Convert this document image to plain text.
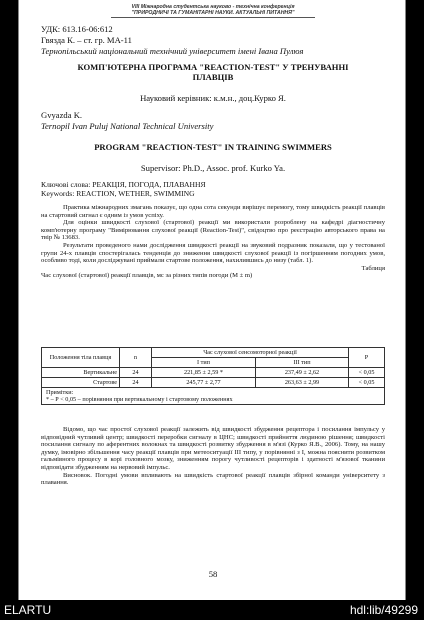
VIII Міжнародна студентська науково - технічна конференція
"ПРИРОДНИЧІ ТА ГУМАНІТАРНІ НАУКИ. АКТУАЛЬНІ ПИТАННЯ"
УДК: 613.16-06:612
Гвязда К. – ст. гр. МА-11
Тернопільський національний технічний університет імені Івана Пулюя
КОМП'ЮТЕРНА ПРОГРАМА "REACTION-TEST" У ТРЕНУВАННІ
ПЛАВЦІВ
Науковий керівник: к.м.н., доц.Курко Я.
Gvyazda K.
Ternopil Ivan Puluj National Technical University
PROGRAM "REACTION-TEST" IN TRAINING SWIMMERS
Supervisor: Ph.D., Assoc. prof. Kurko Ya.
Ключові слова: РЕАКЦІЯ, ПОГОДА, ПЛАВАННЯ
Keywords: REACTION, WETHER, SWIMMING

Практика міжнародних змагань показує, що одна сота секунди вирішує перемогу, тому швидкість реакції плавців на стартовий сигнал є одним із умов успіху.

Для оцінки швидкості слухової (стартової) реакції ми використали розроблену на кафедрі діагностичну комп'ютерну програму "Вимірювання слухової реакції (Reaction-Test)", свідоцтво про реєстрацію авторського права на твір № 13683.

Результати проведеного нами дослідження швидкості реакції на звуковий подразник показали, що у тестованої групи 24-х плавців спостерігалась тенденція до зниження швидкості слухової реакції із погіршенням погодних умов, особливо тоді, коли досліджувані приймали стартове положення, нахилившись до низу (табл. 1).

Таблиця

Час слухової (стартової) реакції плавців, мс за різних типів погоди (M ± m)

Положення тіла плавця	n	Час слухової сенсомоторної реакції		P
		І тип	ІІІ тип	
Вертикальне	24	221,85 ± 2,59 *	237,49 ± 2,62	< 0,05
Стартове	24	245,77 ± 2,77	263,63 ± 2,99	< 0,05

Примітки:
* – Р < 0,05 – порівняння при вертикальному і стартовому положеннях				

Відомо, що час простої слухової реакції залежить від швидкості збудження рецептора і посилання імпульсу у відповідний чутливий центр; швидкості переробки сигналу в ЦНС; швидкості прийняття людиною рішення; швидкості посилання сигналу по аферентних волокнах та швидкості розвитку збудження в м'язі (Курко Я.В., 2006). Тому, на нашу думку, імовірно збільшення часу реакції плавців при метеоситуації ІІІ типу, у порівнянні з І, можна пояснити розвитком гальмівного процесу в корі головного мозку, зниженням порогу чутливості рецепторів і здатності м'язової тканини відповідати збудженням на нервовий імпульс.

Висновок. Погодні умови впливають на швидкість стартової реакції плавців збірної команди університету з плавання.

58
ELARTU	hdl:lib/49299
